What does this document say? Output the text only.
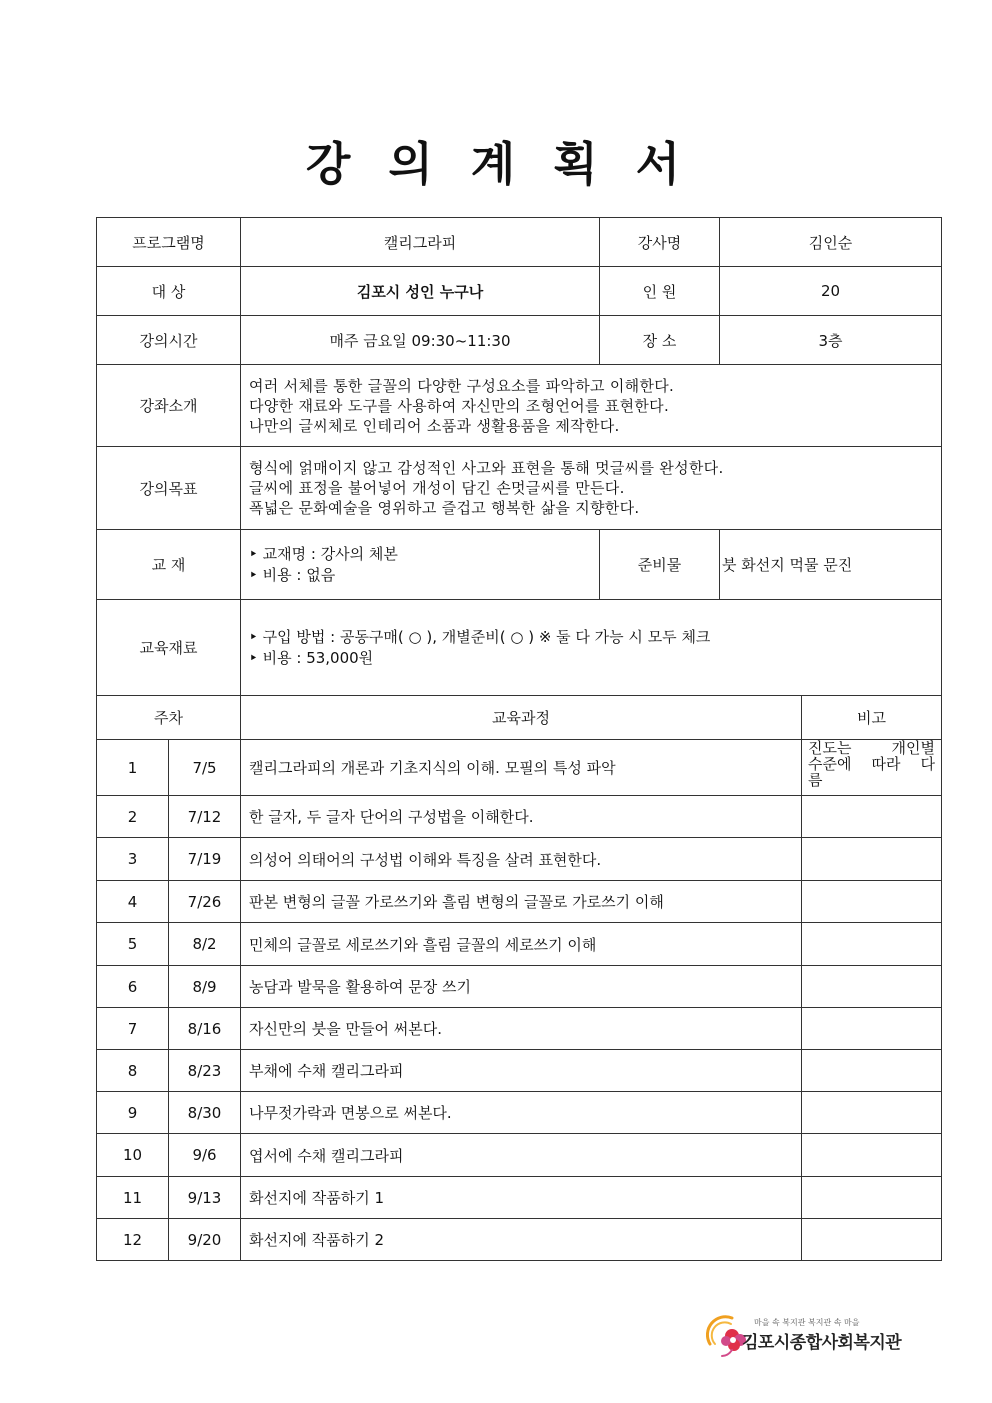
강 의 계 획 서
프로그램명		캘리그라피	강사명	김인순	
대 상		김포시 성인 누구나	인 원	20	
강의시간		매주 금요일 09:30~11:30	장 소	3층	
강좌소개		여러 서체를 통한 글꼴의 다양한 구성요소를 파악하고 이해한다.
다양한 재료와 도구를 사용하여 자신만의 조형언어를 표현한다.
나만의 글씨체로 인테리어 소품과 생활용품을 제작한다.			

강의목표		형식에 얽매이지 않고 감성적인 사고와 표현을 통해 멋글씨를 완성한다.
글씨에 표정을 불어넣어 개성이 담긴 손멋글씨를 만든다.
폭넓은 문화예술을 영위하고 즐겁고 행복한 삶을 지향한다.			

교 재		‣ 교재명 : 강사의 체본
‣ 비용 : 없음	준비물	붓 화선지 먹물 문진	
교육재료		‣ 구입 방법 : 공동구매( ○ ), 개별준비( ○ ) ※ 둘 다 가능 시 모두 체크
‣ 비용 : 53,000원			

주차		교육과정			비고
1	7/5	캘리그라피의 개론과 기초지식의 이해. 모필의 특성 파악			진도는 개인별
수준에 따라 다
름

2	7/12	한 글자, 두 글자 단어의 구성법을 이해한다.			
3	7/19	의성어 의태어의 구성법 이해와 특징을 살려 표현한다.			
4	7/26	판본 변형의 글꼴 가로쓰기와 흘림 변형의 글꼴로 가로쓰기 이해			
5	8/2	민체의 글꼴로 세로쓰기와 흘림 글꼴의 세로쓰기 이해			
6	8/9	농담과 발묵을 활용하여 문장 쓰기			
7	8/16	자신만의 붓을 만들어 써본다.			
8	8/23	부채에 수채 캘리그라피			
9	8/30	나무젓가락과 면봉으로 써본다.			
10	9/6	엽서에 수채 캘리그라피			
11	9/13	화선지에 작품하기 1			
12	9/20	화선지에 작품하기 2			
마을 속 복지관 복지관 속 마을
김포시종합사회복지관
